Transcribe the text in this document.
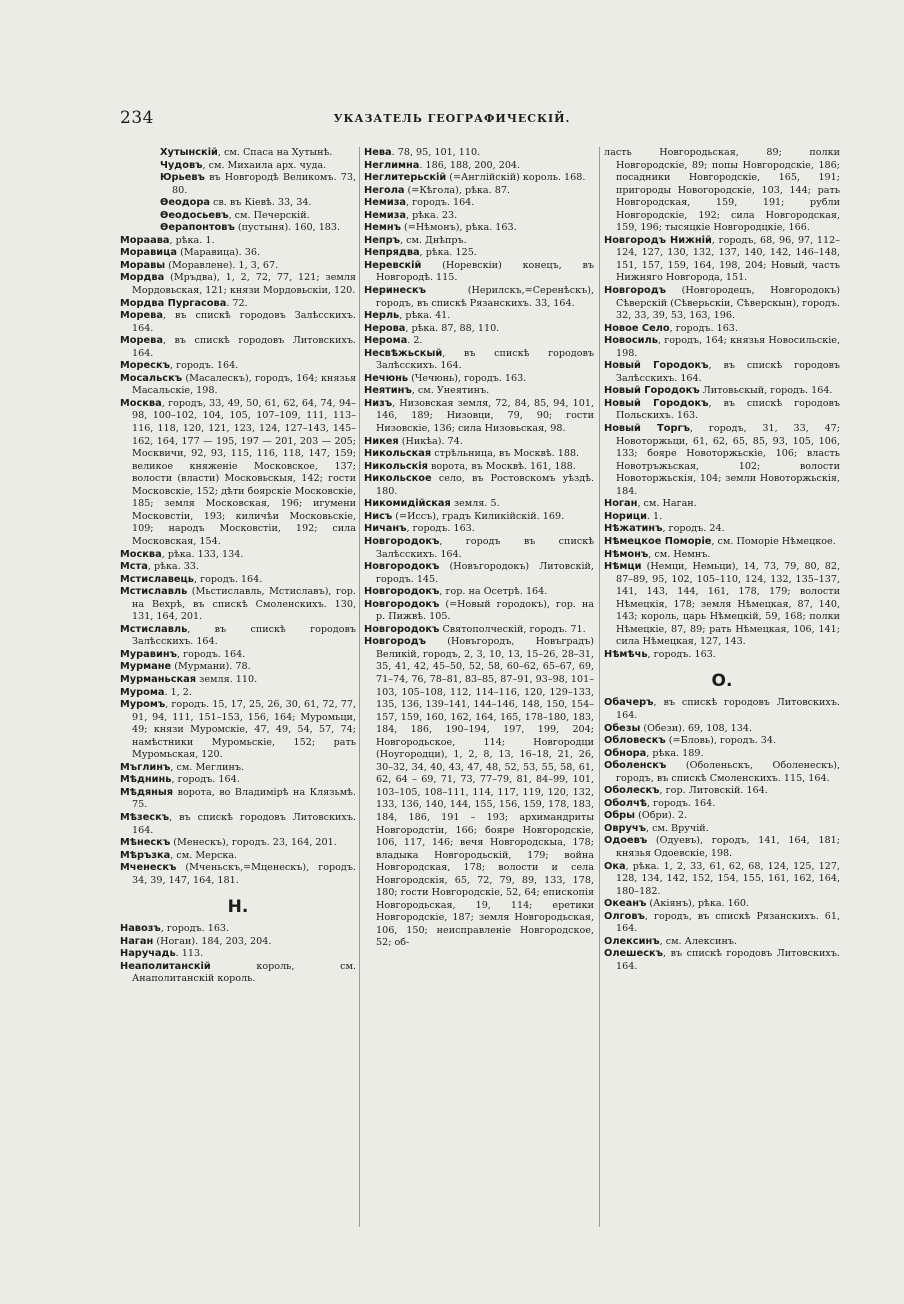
234	УКАЗАТЕЛЬ ГЕОГРАФИЧЕСКІЙ.

Хутынскій, см. Спаса на Хутынѣ.

Чудовъ, см. Михаила арх. чуда.

Юрьевъ въ Новгородѣ Великомъ. 73, 80.

Ѳеодора св. въ Кіевѣ. 33, 34.

Ѳеодосьевъ, см. Печерскій.

Ѳерапонтовъ (пустыня). 160, 183.

Мораава, рѣка. 1.

Моравица (Маравица). 36.

Моравы (Моравлене). 1, 3, 67.

Мордва (Мръдва), 1, 2, 72, 77, 121; земля Мордовьская, 121; князи Мордовьскіи, 120.

Мордва Пургасова. 72.

Морева, въ спискѣ городовъ Залѣсскихъ. 164.

Морева, въ спискѣ городовъ Литовскихъ. 164.

Морескъ, городъ. 164.

Мосальскъ (Масалескъ), городъ, 164; князья Масальскіе, 198.

Москва, городъ, 33, 49, 50, 61, 62, 64, 74, 94–98, 100–102, 104, 105, 107–109, 111, 113–116, 118, 120, 121, 123, 124, 127–143, 145–162, 164, 177 — 195, 197 — 201, 203 — 205; Москвичи, 92, 93, 115, 116, 118, 147, 159; великое княженіе Московское, 137; волости (власти) Московьскыя, 142; гости Московскіе, 152; дѣти боярскіе Московскіе, 185; земля Московская, 196; игумени Московстіи, 193; киличѣи Московьскіе, 109; народъ Московстіи, 192; сила Московская, 154.

Москва, рѣка. 133, 134.

Мста, рѣка. 33.

Мстиславець, городъ. 164.

Мстиславль (Мьстиславль, Мстиславъ), гор. на Вехрѣ, въ спискѣ Смоленскихъ. 130, 131, 164, 201.

Мстиславль, въ спискѣ городовъ Залѣсскихъ. 164.

Муравинъ, городъ. 164.

Мурмане (Мурмани). 78.

Мурманьская земля. 110.

Мурома. 1, 2.

Муромъ, городъ. 15, 17, 25, 26, 30, 61, 72, 77, 91, 94, 111, 151–153, 156, 164; Муромьци, 49; князи Муромскіе, 47, 49, 54, 57, 74; намѣстники Муромьскіе, 152; рать Муромьская, 120.

Мъглинъ, см. Меглинъ.

Мѣднинь, городъ. 164.

Мѣдяныя ворота, во Владимірѣ на Клязьмѣ. 75.

Мѣзескъ, въ спискѣ городовъ Литовскихъ. 164.

Мѣнескъ (Менескъ), городъ. 23, 164, 201.

Мѣръзка, см. Мерска.

Мченескъ (Мченьскъ,=Мценескъ), городъ. 34, 39, 147, 164, 181.

Н.

Навозъ, городъ. 163.

Наган (Ногаи). 184, 203, 204.

Наручадь. 113.

Неаполитанскій король, см. Анаполитанскій король.

Нева. 78, 95, 101, 110.

Неглимна. 186, 188, 200, 204.

Неглитерьскій (=Англійскій) король. 168.

Негола (=Кѣгола), рѣка. 87.

Немиза, городъ. 164.

Немиза, рѣка. 23.

Немнъ (=Нѣмонъ), рѣка. 163.

Непръ, см. Днѣпръ.

Непрядва, рѣка. 125.

Неревскій (Норевскіи) конецъ, въ Новгородѣ. 115.

Неринескъ (Нерилскъ,=Серенѣскъ), городъ, въ спискѣ Рязанскихъ. 33, 164.

Нерль, рѣка. 41.

Нерова, рѣка. 87, 88, 110.

Нерома. 2.

Несвѣжьскый, въ спискѣ городовъ Залѣсскихъ. 164.

Нечюнь (Чечюнь), городъ. 163.

Неятинъ, см. Унеятинъ.

Низъ, Низовская земля, 72, 84, 85, 94, 101, 146, 189; Низовци, 79, 90; гости Низовскіе, 136; сила Низовьская, 98.

Никея (Никѣа). 74.

Никольская стрѣльница, въ Москвѣ. 188.

Никольскія ворота, въ Москвѣ. 161, 188.

Никольское село, въ Ростовскомъ уѣздѣ. 180.

Никомидійская земля. 5.

Нисъ (=Иссъ), градъ Киликійскій. 169.

Ничанъ, городъ. 163.

Новгородокъ, городъ въ спискѣ Залѣсскихъ. 164.

Новгородокъ (Новъгородокъ) Литовскій, городъ. 145.

Новгородокъ, гор. на Осетрѣ. 164.

Новгородокъ (=Новый городокъ), гор. на р. Пижвѣ. 105.

Новгородокъ Святополческій, городъ. 71.

Новгородъ (Новъгородъ, Новъградъ) Великій, городъ, 2, 3, 10, 13, 15–26, 28–31, 35, 41, 42, 45–50, 52, 58, 60–62, 65–67, 69, 71–74, 76, 78–81, 83–85, 87–91, 93–98, 101–103, 105–108, 112, 114–116, 120, 129–133, 135, 136, 139–141, 144–146, 148, 150, 154–157, 159, 160, 162, 164, 165, 178–180, 183, 184, 186, 190–194, 197, 199, 204; Новгородьское, 114; Новгородци (Ноугородци), 1, 2, 8, 13, 16–18, 21, 26, 30–32, 34, 40, 43, 47, 48, 52, 53, 55, 58, 61, 62, 64 – 69, 71, 73, 77–79, 81, 84–99, 101, 103–105, 108–111, 114, 117, 119, 120, 132, 133, 136, 140, 144, 155, 156, 159, 178, 183, 184, 186, 191 – 193; архимандриты Новгородстіи, 166; бояре Новгородскіе, 106, 117, 146; вечя Новгородскыа, 178; владыка Новгородьскій, 179; война Новгородская, 178; волости и села Новгородскія, 65, 72, 79, 89, 133, 178, 180; гости Новгородскіе, 52, 64; епископія Новгородьская, 19, 114; еретики Новгородскіе, 187; земля Новгородьская, 106, 150; неисправленіе Новгородское, 52; об-

ласть Новгородьская, 89; полки Новгородскіе, 89; попы Новгородскіе, 186; посадники Новгородскіе, 165, 191; пригороды Новогородскіе, 103, 144; рать Новгородская, 159, 191; рубли Новгородскіе, 192; сила Новгородская, 159, 196; тысяцкіе Новгородцкіе, 166.

Новгородъ Нижній, городъ, 68, 96, 97, 112–124, 127, 130, 132, 137, 140, 142, 146–148, 151, 157, 159, 164, 198, 204; Новый, часть Нижняго Новгорода, 151.

Новгородъ (Новгородецъ, Новгородокъ) Сѣверскій (Сѣверьскіи, Сѣверскын), городъ. 32, 33, 39, 53, 163, 196.

Новое Село, городъ. 163.

Новосиль, городъ, 164; князья Новосильскіе, 198.

Новый Городокъ, въ спискѣ городовъ Залѣсскихъ. 164.

Новый Городокъ Литовьскый, городъ. 164.

Новый Городокъ, въ спискѣ городовъ Польскихъ. 163.

Новый Торгъ, городъ, 31, 33, 47; Новоторжьци, 61, 62, 65, 85, 93, 105, 106, 133; бояре Новоторжьскіе, 106; власть Новотръжьская, 102; волости Новоторжьскія, 104; земли Новоторжьскія, 184.

Ноган, см. Наган.

Норици. 1.

Нѣжатинъ, городъ. 24.

Нѣмецкое Поморіе, см. Поморіе Нѣмецкое.

Нѣмонъ, см. Немнъ.

Нѣмци (Немци, Немьци), 14, 73, 79, 80, 82, 87–89, 95, 102, 105–110, 124, 132, 135–137, 141, 143, 144, 161, 178, 179; волости Нѣмецкія, 178; земля Нѣмецкая, 87, 140, 143; король, царь Нѣмецкій, 59, 168; полки Нѣмецкіе, 87, 89; рать Нѣмецкая, 106, 141; сила Нѣмецкая, 127, 143.

Нѣмѣчь, городъ. 163.

О.

Обачеръ, въ спискѣ городовъ Литовскихъ. 164.

Обезы (Обези). 69, 108, 134.

Обловескъ (=Бловь), городъ. 34.

Обнора, рѣка. 189.

Оболенскъ (Оболеньскъ, Оболенескъ), городъ, въ спискѣ Смоленскихъ. 115, 164.

Оболескъ, гор. Литовскій. 164.

Оболчѣ, городъ. 164.

Обры (Обри). 2.

Овручъ, см. Вручій.

Одоевъ (Одуевъ), городъ, 141, 164, 181; князья Одоевскіе, 198.

Ока, рѣка. 1, 2, 33, 61, 62, 68, 124, 125, 127, 128, 134, 142, 152, 154, 155, 161, 162, 164, 180–182.

Океанъ (Акіянъ), рѣка. 160.

Олговъ, городъ, въ спискѣ Рязанскихъ. 61, 164.

Олексинъ, см. Алексинъ.

Олешескъ, въ спискѣ городовъ Литовскихъ. 164.
